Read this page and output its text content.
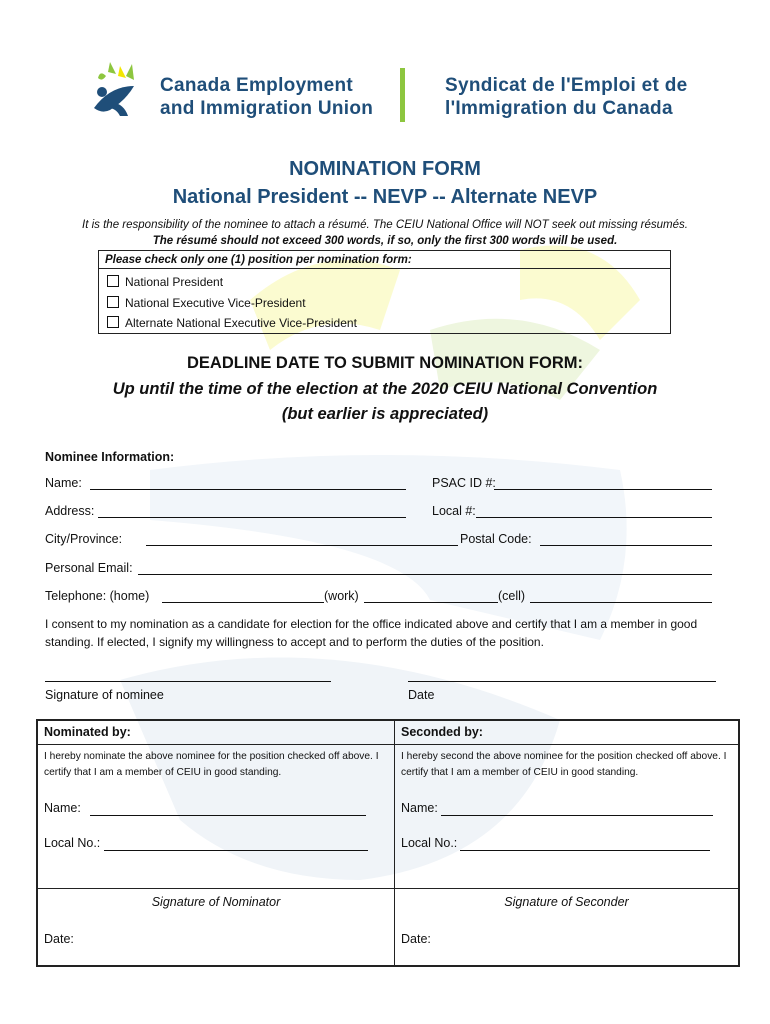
Canada Employment
and Immigration Union
Syndicat de l'Emploi et de
l'Immigration du Canada
NOMINATION FORM
National President -- NEVP -- Alternate NEVP
It is the responsibility of the nominee to attach a résumé. The CEIU National Office will NOT seek out missing résumés.
The résumé should not exceed 300 words, if so, only the first 300 words will be used.
Please check only one (1) position per nomination form:
National President
National Executive Vice-President
Alternate National Executive Vice-President
DEADLINE DATE TO SUBMIT NOMINATION FORM:
Up until the time of the election at the 2020 CEIU National Convention
(but earlier is appreciated)
Nominee Information:
Name:	PSAC ID #:
Address:	Local #:
City/Province:	Postal Code:
Personal Email:
Telephone: (home)	(work)	(cell)
I consent to my nomination as a candidate for election for the office indicated above and certify that I am a member in good standing. If elected, I signify my willingness to accept and to perform the duties of the position.
Signature of nominee	Date
Nominated by:
I hereby nominate the above nominee for the position checked off above. I certify that I am a member of CEIU in good standing.
Name:
Local No.:
Signature of Nominator
Date:
Seconded by:
I hereby second the above nominee for the position checked off above. I certify that I am a member of CEIU in good standing.
Name:
Local No.:
Signature of Seconder
Date:
